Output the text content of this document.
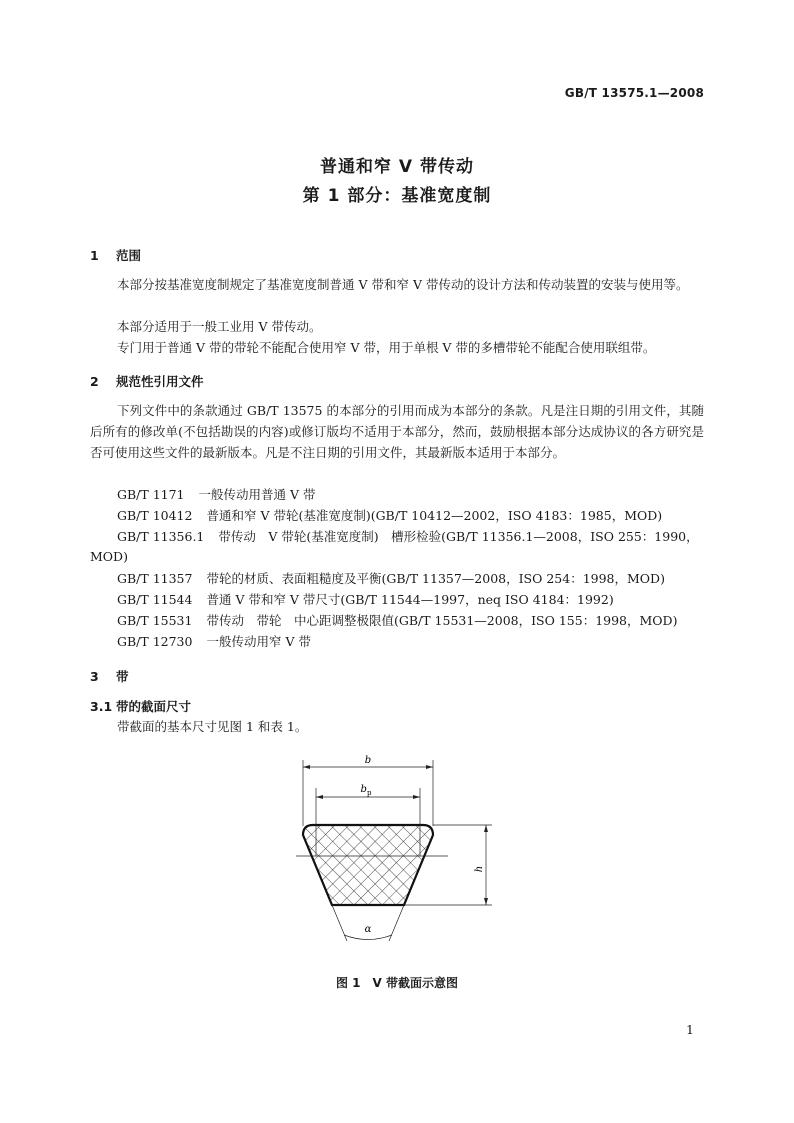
GB/T 13575.1—2008
普通和窄 V 带传动
第 1 部分：基准宽度制
1 范围
本部分按基准宽度制规定了基准宽度制普通 V 带和窄 V 带传动的设计方法和传动装置的安装与使用等。
本部分适用于一般工业用 V 带传动。
专门用于普通 V 带的带轮不能配合使用窄 V 带，用于单根 V 带的多槽带轮不能配合使用联组带。
2 规范性引用文件
下列文件中的条款通过 GB/T 13575 的本部分的引用而成为本部分的条款。凡是注日期的引用文件，其随后所有的修改单(不包括勘误的内容)或修订版均不适用于本部分，然而，鼓励根据本部分达成协议的各方研究是否可使用这些文件的最新版本。凡是不注日期的引用文件，其最新版本适用于本部分。
GB/T 1171 一般传动用普通 V 带
GB/T 10412 普通和窄 V 带轮(基准宽度制)(GB/T 10412—2002，ISO 4183：1985，MOD)
GB/T 11356.1 带传动　V 带轮(基准宽度制)　槽形检验(GB/T 11356.1—2008，ISO 255：1990，
MOD)
GB/T 11357 带轮的材质、表面粗糙度及平衡(GB/T 11357—2008，ISO 254：1998，MOD)
GB/T 11544 普通 V 带和窄 V 带尺寸(GB/T 11544—1997，neq ISO 4184：1992)
GB/T 15531 带传动　带轮　中心距调整极限值(GB/T 15531—2008，ISO 155：1998，MOD)
GB/T 12730 一般传动用窄 V 带
3 带
3.1 带的截面尺寸
带截面的基本尺寸见图 1 和表 1。
b
$b_p$
h
α
图 1　V 带截面示意图
1
